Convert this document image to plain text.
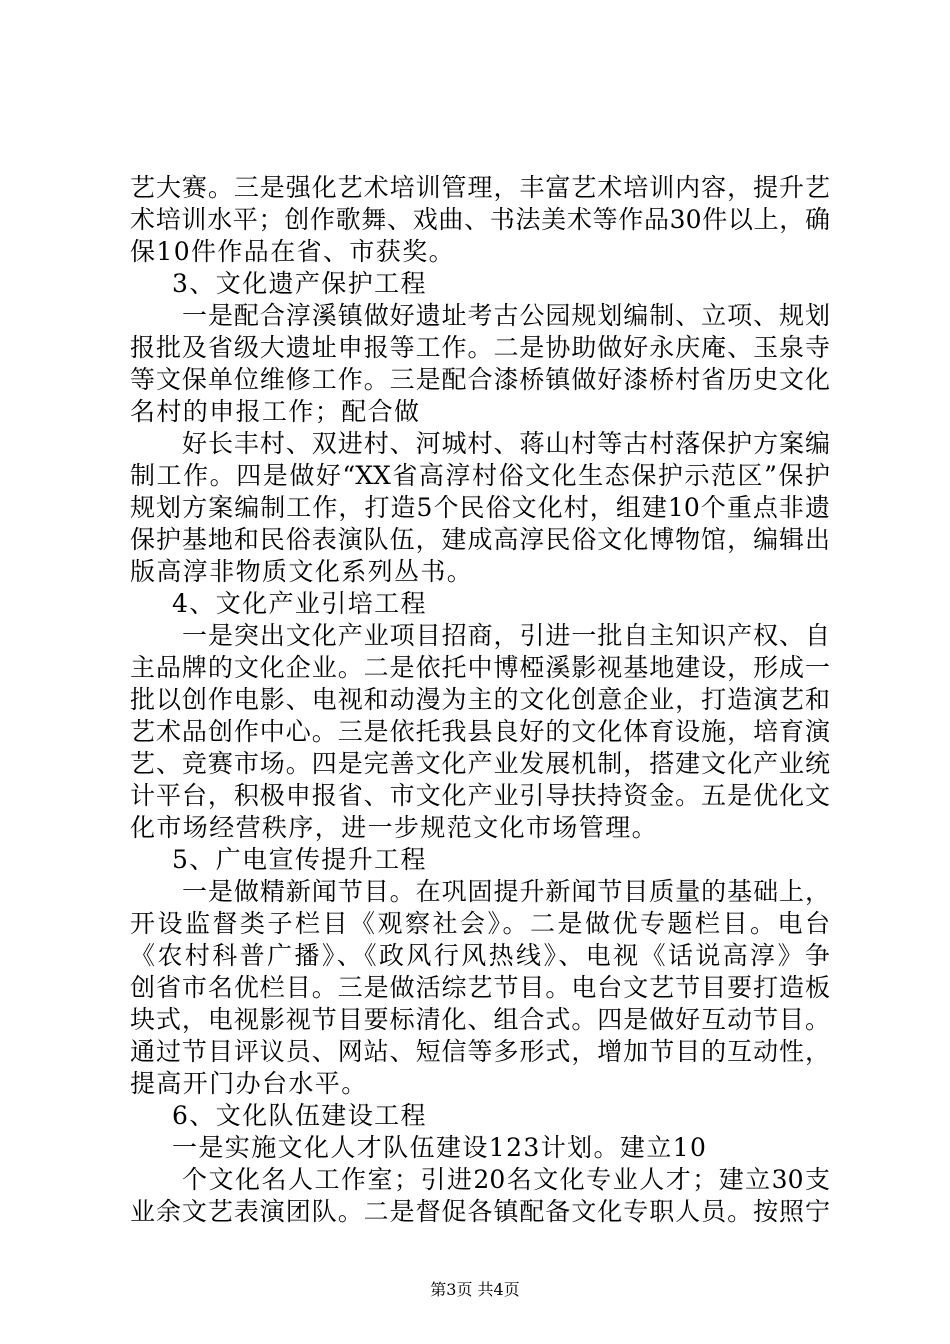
艺大赛。三是强化艺术培训管理，丰富艺术培训内容，提升艺
术培训水平；创作歌舞、戏曲、书法美术等作品30件以上，确
保10件作品在省、市获奖。
3、文化遗产保护工程
一是配合淳溪镇做好遗址考古公园规划编制、立项、规划
报批及省级大遗址申报等工作。二是协助做好永庆庵、玉泉寺
等文保单位维修工作。三是配合漆桥镇做好漆桥村省历史文化
名村的申报工作；配合做
好长丰村、双进村、河城村、蒋山村等古村落保护方案编
制工作。四是做好“XX省高淳村俗文化生态保护示范区”保护
规划方案编制工作，打造5个民俗文化村，组建10个重点非遗
保护基地和民俗表演队伍，建成高淳民俗文化博物馆，编辑出
版高淳非物质文化系列丛书。
4、文化产业引培工程
一是突出文化产业项目招商，引进一批自主知识产权、自
主品牌的文化企业。二是依托中博椏溪影视基地建设，形成一
批以创作电影、电视和动漫为主的文化创意企业，打造演艺和
艺术品创作中心。三是依托我县良好的文化体育设施，培育演
艺、竞赛市场。四是完善文化产业发展机制，搭建文化产业统
计平台，积极申报省、市文化产业引导扶持资金。五是优化文
化市场经营秩序，进一步规范文化市场管理。
5、广电宣传提升工程
一是做精新闻节目。在巩固提升新闻节目质量的基础上，
开设监督类子栏目《观察社会》。二是做优专题栏目。电台
《农村科普广播》、《政风行风热线》、电视《话说高淳》争
创省市名优栏目。三是做活综艺节目。电台文艺节目要打造板
块式，电视影视节目要标清化、组合式。四是做好互动节目。
通过节目评议员、网站、短信等多形式，增加节目的互动性，
提高开门办台水平。
6、文化队伍建设工程
一是实施文化人才队伍建设123计划。建立10
个文化名人工作室；引进20名文化专业人才；建立30支
业余文艺表演团队。二是督促各镇配备文化专职人员。按照宁
第3页 共4页
